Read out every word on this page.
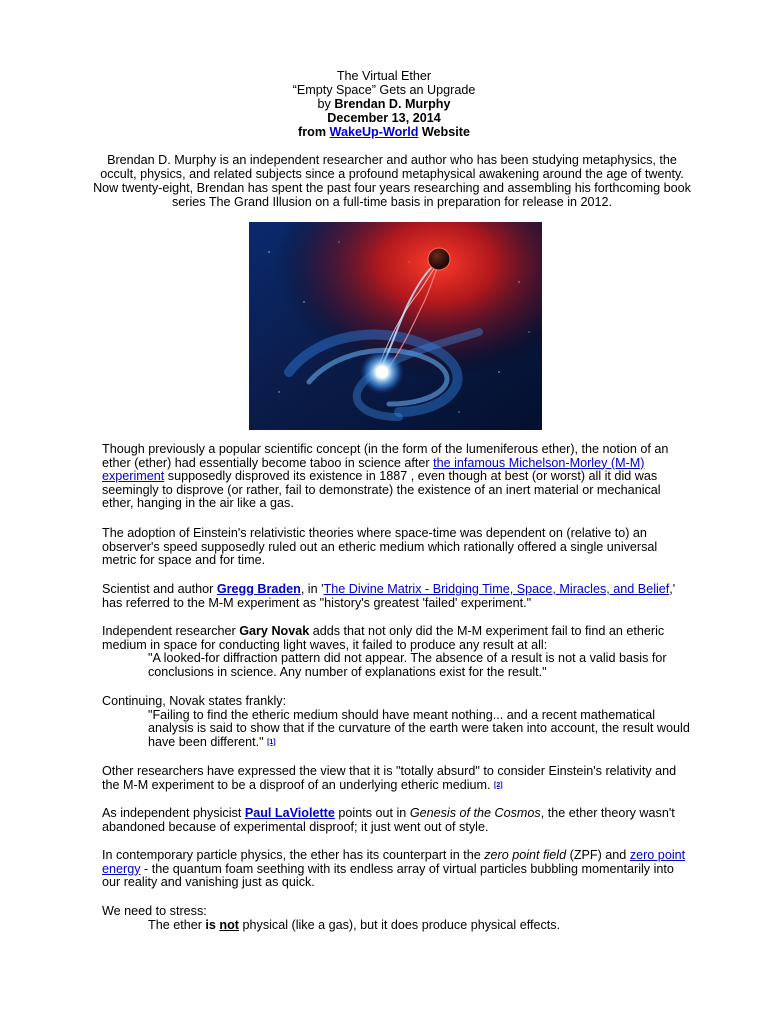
The Virtual Ether
“Empty Space” Gets an Upgrade
by Brendan D. Murphy
December 13, 2014
from WakeUp-World Website
Brendan D. Murphy is an independent researcher and author who has been studying metaphysics, the occult, physics, and related subjects since a profound metaphysical awakening around the age of twenty. Now twenty-eight, Brendan has spent the past four years researching and assembling his forthcoming book series The Grand Illusion on a full-time basis in preparation for release in 2012.
Though previously a popular scientific concept (in the form of the lumeniferous ether), the notion of an ether (ether) had essentially become taboo in science after the infamous Michelson-Morley (M-M) experiment supposedly disproved its existence in 1887 , even though at best (or worst) all it did was seemingly to disprove (or rather, fail to demonstrate) the existence of an inert material or mechanical ether, hanging in the air like a gas.
The adoption of Einstein's relativistic theories where space-time was dependent on (relative to) an observer's speed supposedly ruled out an etheric medium which rationally offered a single universal metric for space and for time.
Scientist and author Gregg Braden, in 'The Divine Matrix - Bridging Time, Space, Miracles, and Belief,' has referred to the M-M experiment as "history's greatest 'failed' experiment."
Independent researcher Gary Novak adds that not only did the M-M experiment fail to find an etheric medium in space for conducting light waves, it failed to produce any result at all:
"A looked-for diffraction pattern did not appear. The absence of a result is not a valid basis for conclusions in science. Any number of explanations exist for the result."
Continuing, Novak states frankly:
"Failing to find the etheric medium should have meant nothing... and a recent mathematical analysis is said to show that if the curvature of the earth were taken into account, the result would have been different." [1]
Other researchers have expressed the view that it is "totally absurd" to consider Einstein's relativity and the M-M experiment to be a disproof of an underlying etheric medium. [2]
As independent physicist Paul LaViolette points out in Genesis of the Cosmos, the ether theory wasn't abandoned because of experimental disproof; it just went out of style.
In contemporary particle physics, the ether has its counterpart in the zero point field (ZPF) and zero point energy - the quantum foam seething with its endless array of virtual particles bubbling momentarily into our reality and vanishing just as quick.
We need to stress:
The ether is not physical (like a gas), but it does produce physical effects.
